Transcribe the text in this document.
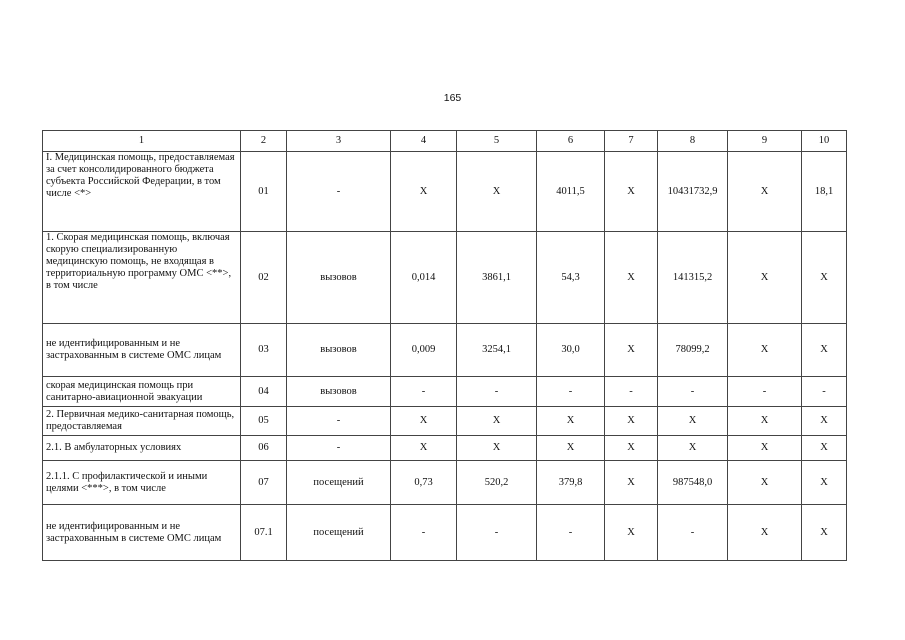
165
1	2	3	4	5	6	7	8	9	10
I. Медицинская помощь, предоставляемая за счет консолидированного бюджета субъекта Российской Федерации, в том числе <*>	01	-	X	X	4011,5	X	10431732,9	X	18,1
1. Скорая медицинская помощь, включая скорую специализированную медицинскую помощь, не входящая в территориальную программу ОМС <**>, в том числе	02	вызовов	0,014	3861,1	54,3	X	141315,2	X	X
не идентифицированным и не застрахованным в системе ОМС лицам	03	вызовов	0,009	3254,1	30,0	X	78099,2	X	X
скорая медицинская помощь при санитарно-авиационной эвакуации	04	вызовов	-	-	-	-	-	-	-
2. Первичная медико-санитарная помощь, предоставляемая	05	-	X	X	X	X	X	X	X
2.1. В амбулаторных условиях	06	-	X	X	X	X	X	X	X
2.1.1. С профилактической и иными целями <***>, в том числе	07	посещений	0,73	520,2	379,8	X	987548,0	X	X
не идентифицированным и не застрахованным в системе ОМС лицам	07.1	посещений	-	-	-	X	-	X	X
